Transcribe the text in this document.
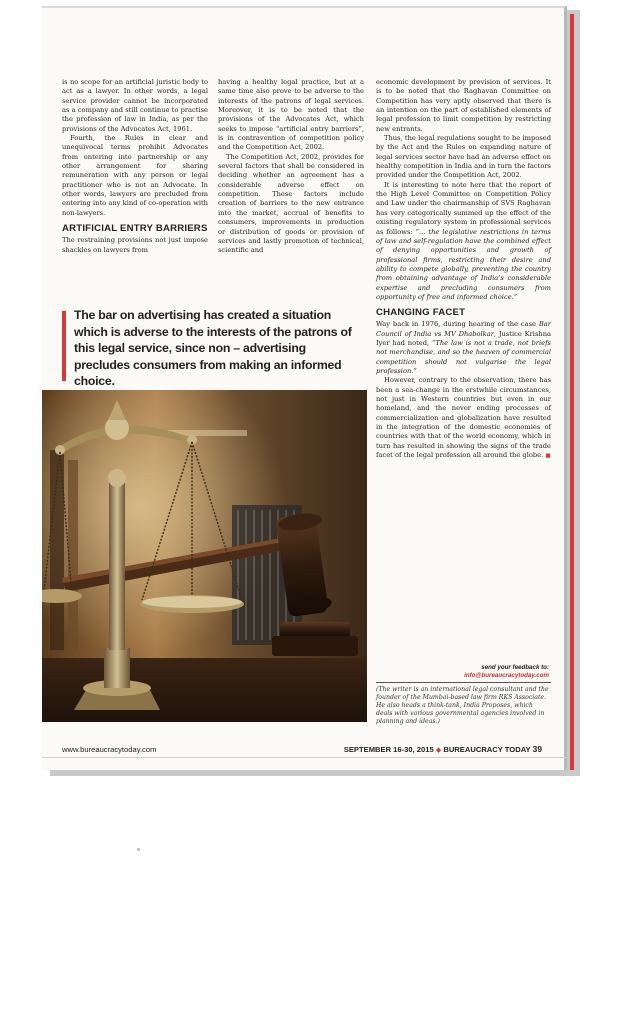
is no scope for an artificial juristic body to act as a lawyer. In other words, a legal service provider cannot be incorporated as a company and still continue to practise the profession of law in India, as per the provisions of the Advocates Act, 1961.

Fourth, the Rules in clear and unequivocal terms prohibit Advocates from entering into partnership or any other arrangement for sharing remuneration with any person or legal practitioner who is not an Advocate. In other words, lawyers are precluded from entering into any kind of co-operation with non-lawyers.

ARTIFICIAL ENTRY BARRIERS

The restraining provisions not just impose shackles on lawyers from

having a healthy legal practice, but at a same time also prove to be adverse to the interests of the patrons of legal services. Moreover, it is to be noted that the provisions of the Advocates Act, which seeks to impose “artificial entry barriers”, is in contravention of competition policy and the Competition Act, 2002.

The Competition Act, 2002, provides for several factors that shall be considered in deciding whether an agreement has a considerable adverse effect on competition. These factors include creation of barriers to the new entrance into the market, accrual of benefits to consumers, improvements in production or distribution of goods or provision of services and lastly promotion of technical, scientific and

economic development by provision of services. It is to be noted that the Raghavan Committee on Competition has very aptly observed that there is an intention on the part of established elements of legal profession to limit competition by restricting new entrants.

Thus, the legal regulations sought to be imposed by the Act and the Rules on expanding nature of legal services sector have had an adverse effect on healthy competition in India and in turn the factors provided under the Competition Act, 2002.

It is interesting to note here that the report of the High Level Committee on Competition Policy and Law under the chairmanship of SVS Raghavan has very categorically summed up the effect of the existing regulatory system in professional services as follows: “... the legislative restrictions in terms of law and self-regulation have the combined effect of denying opportunities and growth of professional firms, restricting their desire and ability to compete globally, preventing the country from obtaining advantage of India’s considerable expertise and precluding consumers from opportunity of free and informed choice.”

CHANGING FACET

Way back in 1976, during hearing of the case Bar Council of India vs MV Dhabolkar, Justice Krishna Iyer had noted, “The law is not a trade, not briefs not merchandise, and so the heaven of commercial competition should not vulgarise the legal profession.”

However, contrary to the observation, there has been a sea-change in the erstwhile circumstances, not just in Western countries but even in our homeland, and the never ending processes of commercialization and globalization have resulted in the integration of the domestic economies of countries with that of the world economy, which in turn has resulted in showing the signs of the trade facet of the legal profession all around the globe. ■

The bar on advertising has created a situation which is adverse to the interests of the patrons of this legal service, since non – advertising precludes consumers from making an informed choice.
send your feedback to:
info@bureaucracytoday.com
(The writer is an international legal consultant and the founder of the Mumbai-based law firm RKS Associate. He also heads a think-tank, India Proposes, which deals with various governmental agencies involved in planning and ideas.)
www.bureaucracytoday.com	SEPTEMBER 16-30, 2015 ◆ BUREAUCRACY TODAY 39
